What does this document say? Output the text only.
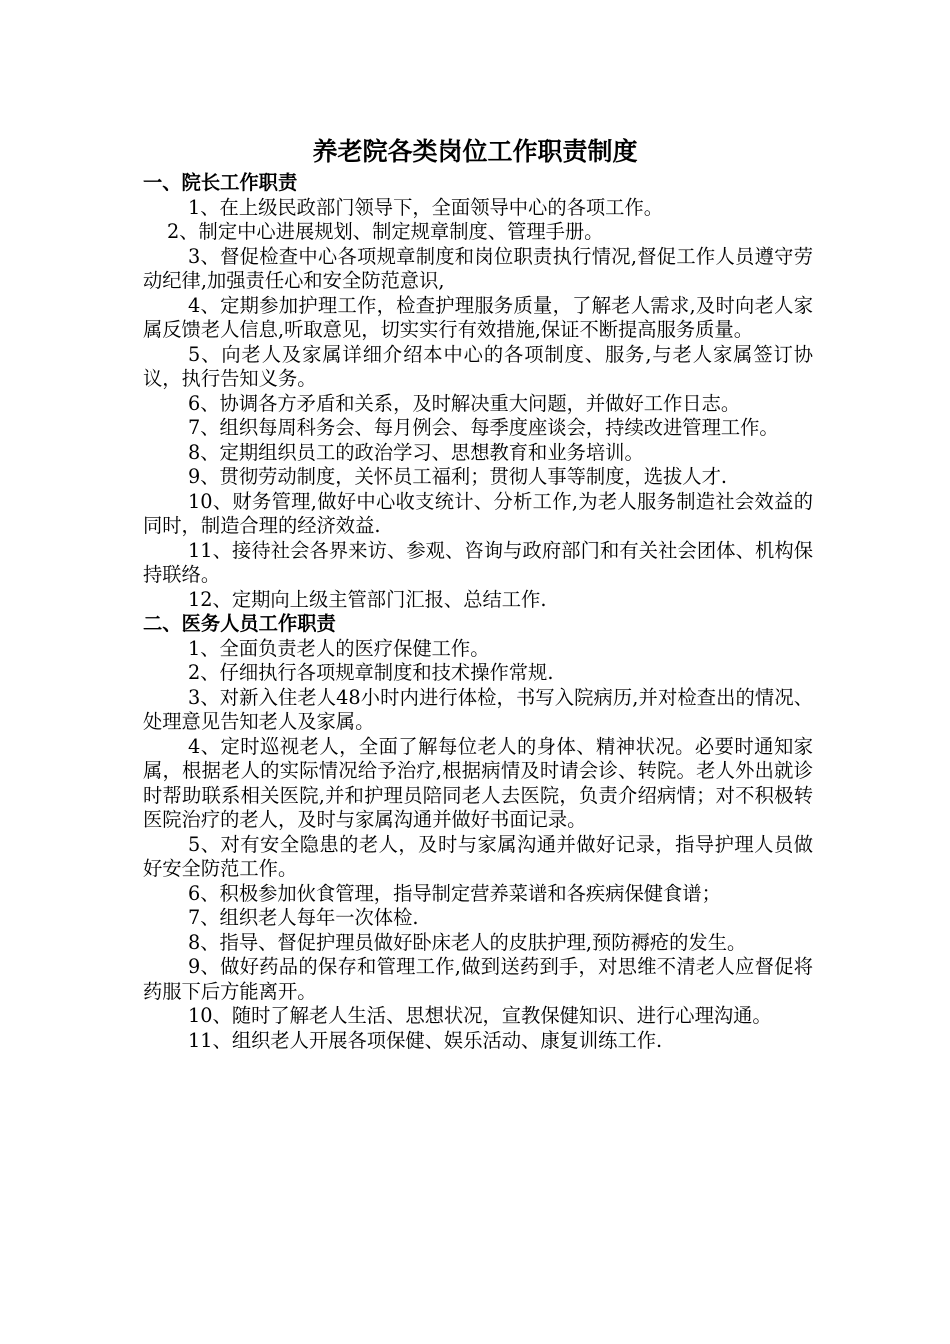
养老院各类岗位工作职责制度

一、院长工作职责

1、在上级民政部门领导下，全面领导中心的各项工作。

2、制定中心进展规划、制定规章制度、管理手册。

3、督促检查中心各项规章制度和岗位职责执行情况,督促工作人员遵守劳动纪律,加强责任心和安全防范意识,

4、定期参加护理工作，检查护理服务质量，了解老人需求,及时向老人家属反馈老人信息,听取意见，切实实行有效措施,保证不断提高服务质量。

5、向老人及家属详细介绍本中心的各项制度、服务,与老人家属签订协议，执行告知义务。

6、协调各方矛盾和关系，及时解决重大问题，并做好工作日志。

7、组织每周科务会、每月例会、每季度座谈会，持续改进管理工作。

8、定期组织员工的政治学习、思想教育和业务培训。

9、贯彻劳动制度，关怀员工福利；贯彻人事等制度，选拔人才.

10、财务管理,做好中心收支统计、分析工作,为老人服务制造社会效益的同时，制造合理的经济效益.

11、接待社会各界来访、参观、咨询与政府部门和有关社会团体、机构保持联络。

12、定期向上级主管部门汇报、总结工作.

二、医务人员工作职责

1、全面负责老人的医疗保健工作。

2、仔细执行各项规章制度和技术操作常规.

3、对新入住老人48小时内进行体检，书写入院病历,并对检查出的情况、处理意见告知老人及家属。

4、定时巡视老人，全面了解每位老人的身体、精神状况。必要时通知家属，根据老人的实际情况给予治疗,根据病情及时请会诊、转院。老人外出就诊时帮助联系相关医院,并和护理员陪同老人去医院，负责介绍病情；对不积极转医院治疗的老人，及时与家属沟通并做好书面记录。

5、对有安全隐患的老人，及时与家属沟通并做好记录，指导护理人员做好安全防范工作。

6、积极参加伙食管理，指导制定营养菜谱和各疾病保健食谱；

7、组织老人每年一次体检.

8、指导、督促护理员做好卧床老人的皮肤护理,预防褥疮的发生。

9、做好药品的保存和管理工作,做到送药到手，对思维不清老人应督促将药服下后方能离开。

10、随时了解老人生活、思想状况，宣教保健知识、进行心理沟通。

11、组织老人开展各项保健、娱乐活动、康复训练工作.
